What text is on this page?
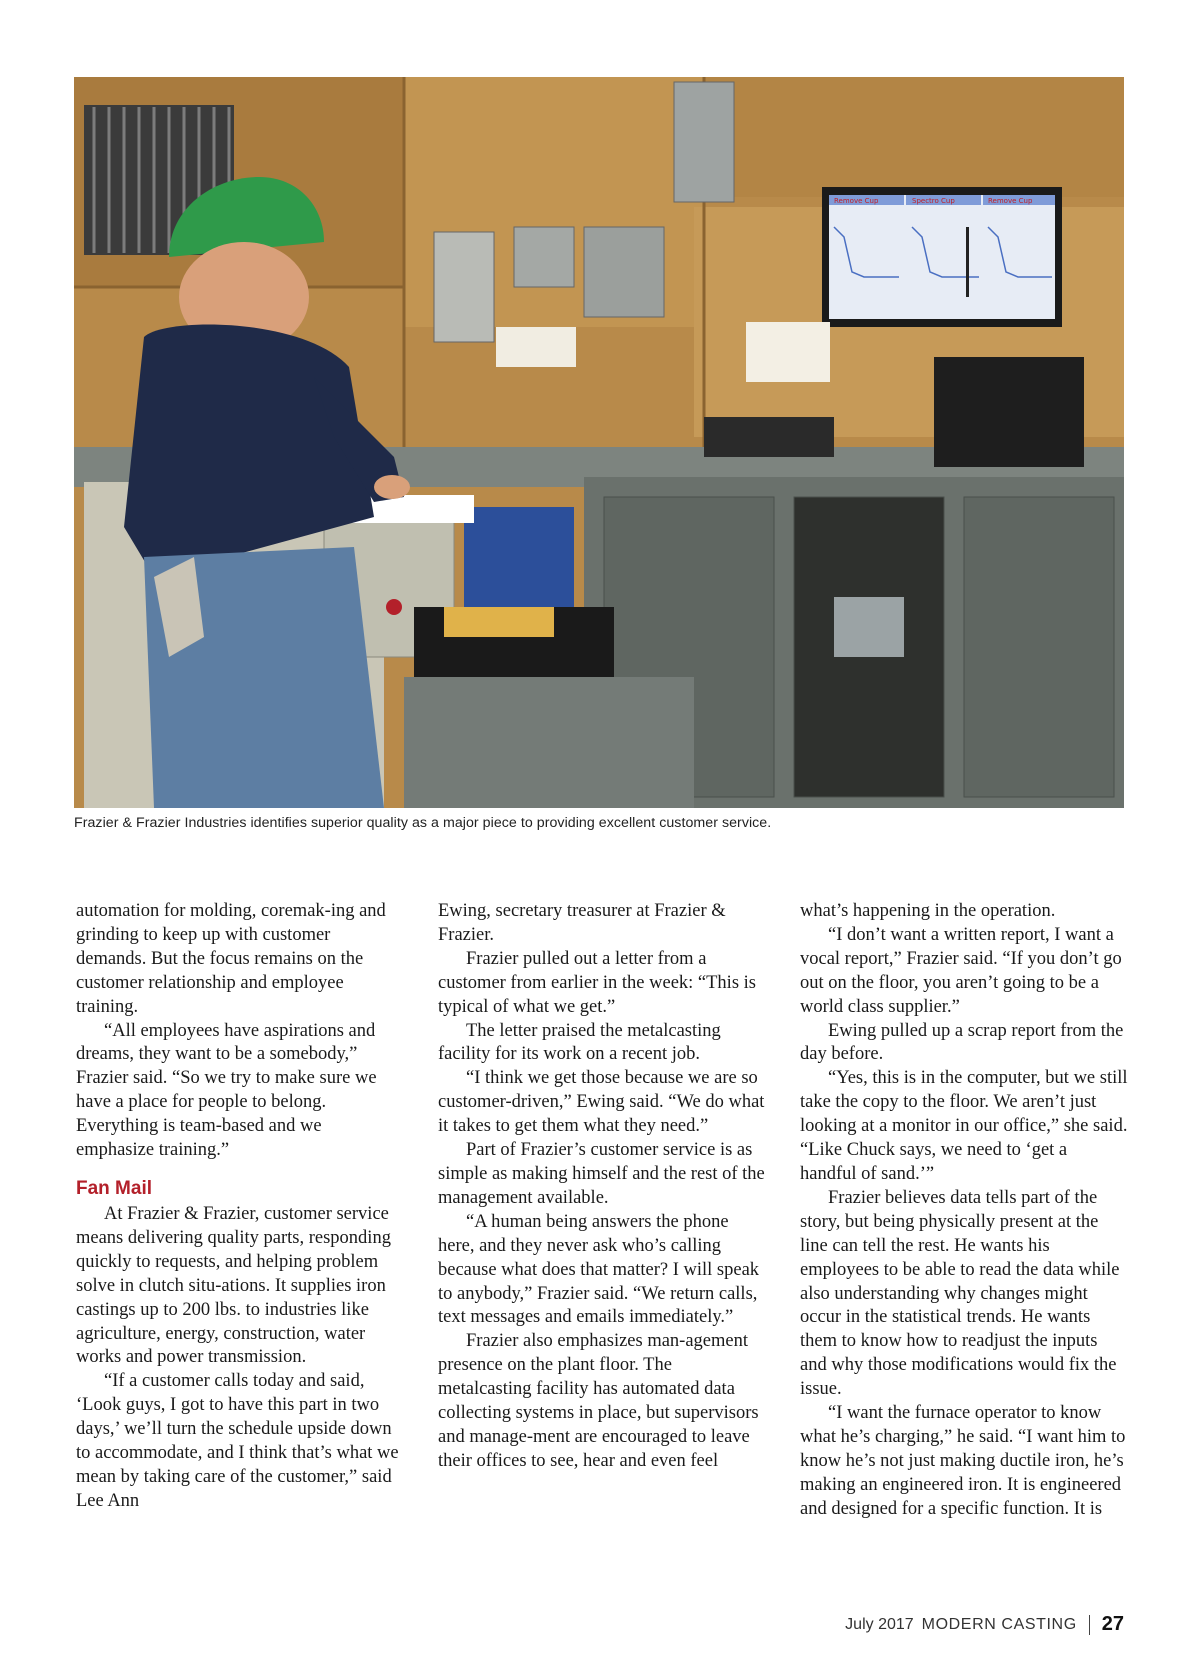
Remove Cup	Spectro Cup	Remove Cup
Frazier & Frazier Industries identifies superior quality as a major piece to providing excellent customer service.

automation for molding, coremak-ing and grinding to keep up with customer demands. But the focus remains on the customer relationship and employee training.

“All employees have aspirations and dreams, they want to be a somebody,” Frazier said. “So we try to make sure we have a place for people to belong. Everything is team-based and we emphasize training.”

Fan Mail

At Frazier & Frazier, customer service means delivering quality parts, responding quickly to requests, and helping problem solve in clutch situ-ations. It supplies iron castings up to 200 lbs. to industries like agriculture, energy, construction, water works and power transmission.

“If a customer calls today and said, ‘Look guys, I got to have this part in two days,’ we’ll turn the schedule upside down to accommodate, and I think that’s what we mean by taking care of the customer,” said Lee Ann

Ewing, secretary treasurer at Frazier & Frazier.

Frazier pulled out a letter from a customer from earlier in the week: “This is typical of what we get.”

The letter praised the metalcasting facility for its work on a recent job.

“I think we get those because we are so customer-driven,” Ewing said. “We do what it takes to get them what they need.”

Part of Frazier’s customer service is as simple as making himself and the rest of the management available.

“A human being answers the phone here, and they never ask who’s calling because what does that matter? I will speak to anybody,” Frazier said. “We return calls, text messages and emails immediately.”

Frazier also emphasizes man-agement presence on the plant floor. The metalcasting facility has automated data collecting systems in place, but supervisors and manage-ment are encouraged to leave their offices to see, hear and even feel

what’s happening in the operation.

“I don’t want a written report, I want a vocal report,” Frazier said. “If you don’t go out on the floor, you aren’t going to be a world class supplier.”

Ewing pulled up a scrap report from the day before.

“Yes, this is in the computer, but we still take the copy to the floor. We aren’t just looking at a monitor in our office,” she said. “Like Chuck says, we need to ‘get a handful of sand.’”

Frazier believes data tells part of the story, but being physically present at the line can tell the rest. He wants his employees to be able to read the data while also understanding why changes might occur in the statistical trends. He wants them to know how to readjust the inputs and why those modifications would fix the issue.

“I want the furnace operator to know what he’s charging,” he said. “I want him to know he’s not just making ductile iron, he’s making an engineered iron. It is engineered and designed for a specific function. It is

July 2017 MODERN CASTING 27
